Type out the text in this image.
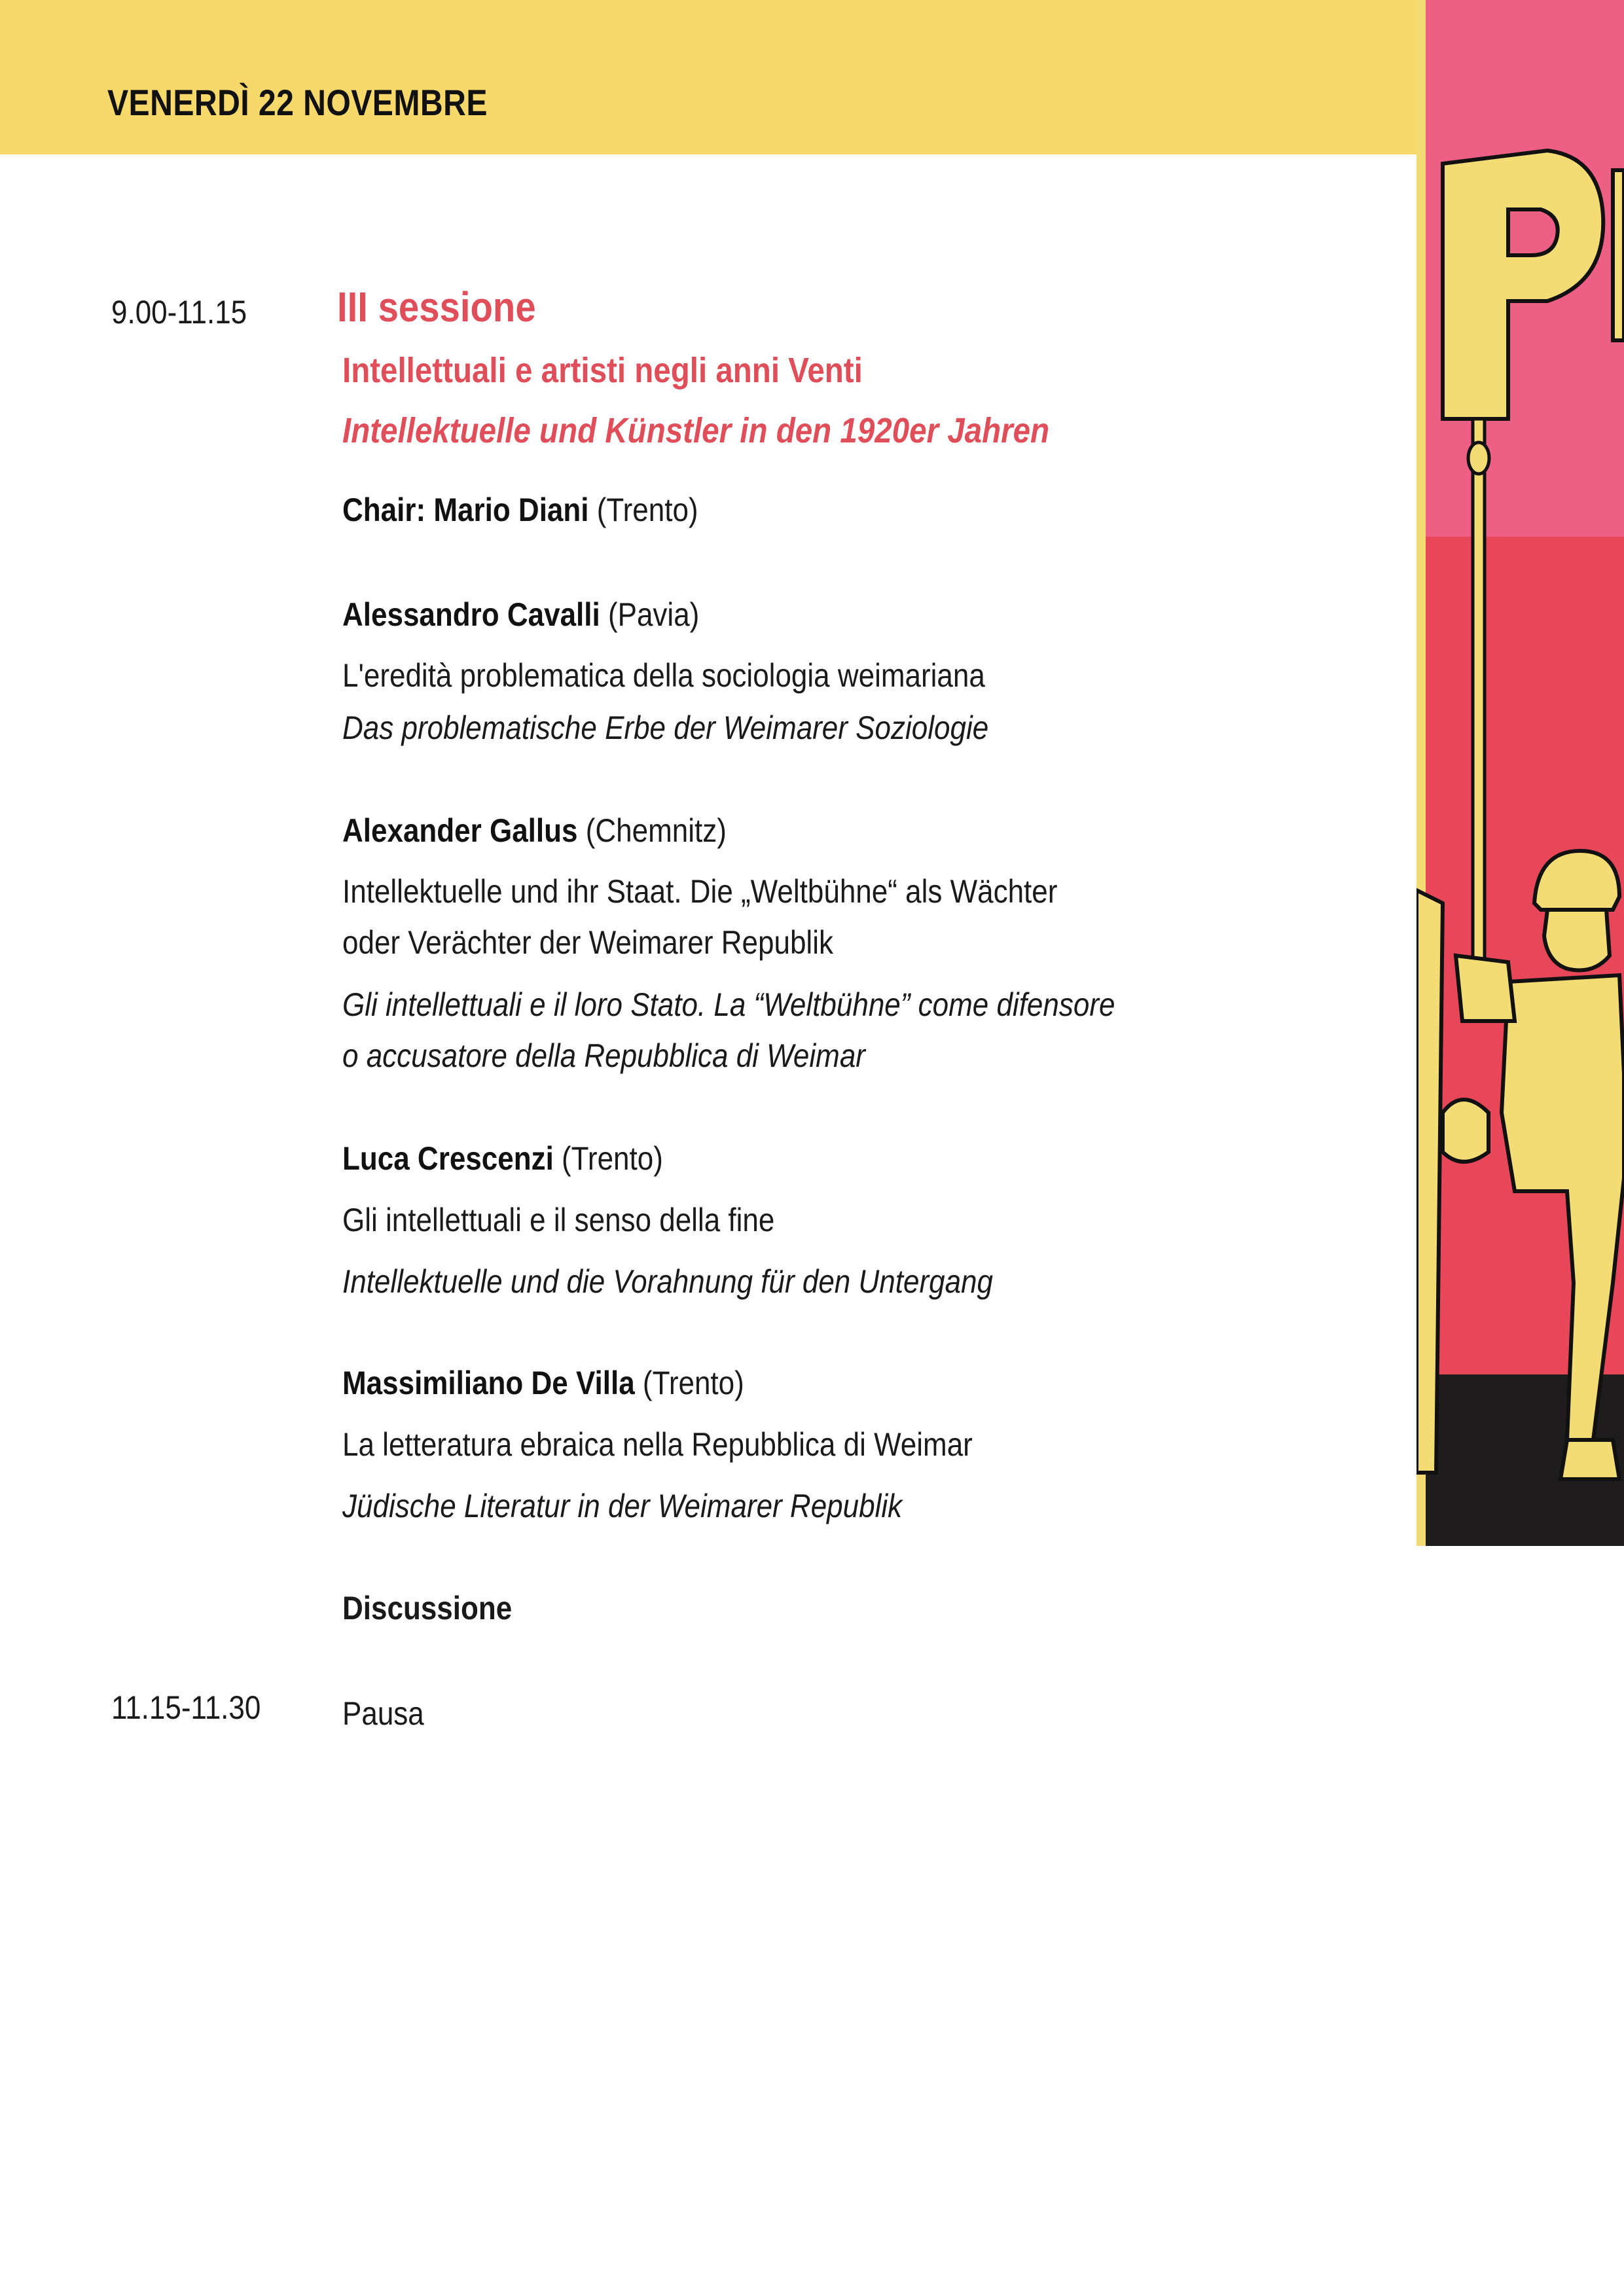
VENERDÌ 22 NOVEMBRE
9.00-11.15 III sessione
Intellettuali e artisti negli anni Venti
Intellektuelle und Künstler in den 1920er Jahren
Chair: Mario Diani (Trento)
Alessandro Cavalli (Pavia)
L'eredità problematica della sociologia weimariana
Das problematische Erbe der Weimarer Soziologie
Alexander Gallus (Chemnitz)
Intellektuelle und ihr Staat. Die „Weltbühne“ als Wächter
oder Verächter der Weimarer Republik
Gli intellettuali e il loro Stato. La “Weltbühne” come difensore
o accusatore della Repubblica di Weimar
Luca Crescenzi (Trento)
Gli intellettuali e il senso della fine
Intellektuelle und die Vorahnung für den Untergang
Massimiliano De Villa (Trento)
La letteratura ebraica nella Repubblica di Weimar
Jüdische Literatur in der Weimarer Republik
Discussione
11.15-11.30 Pausa
